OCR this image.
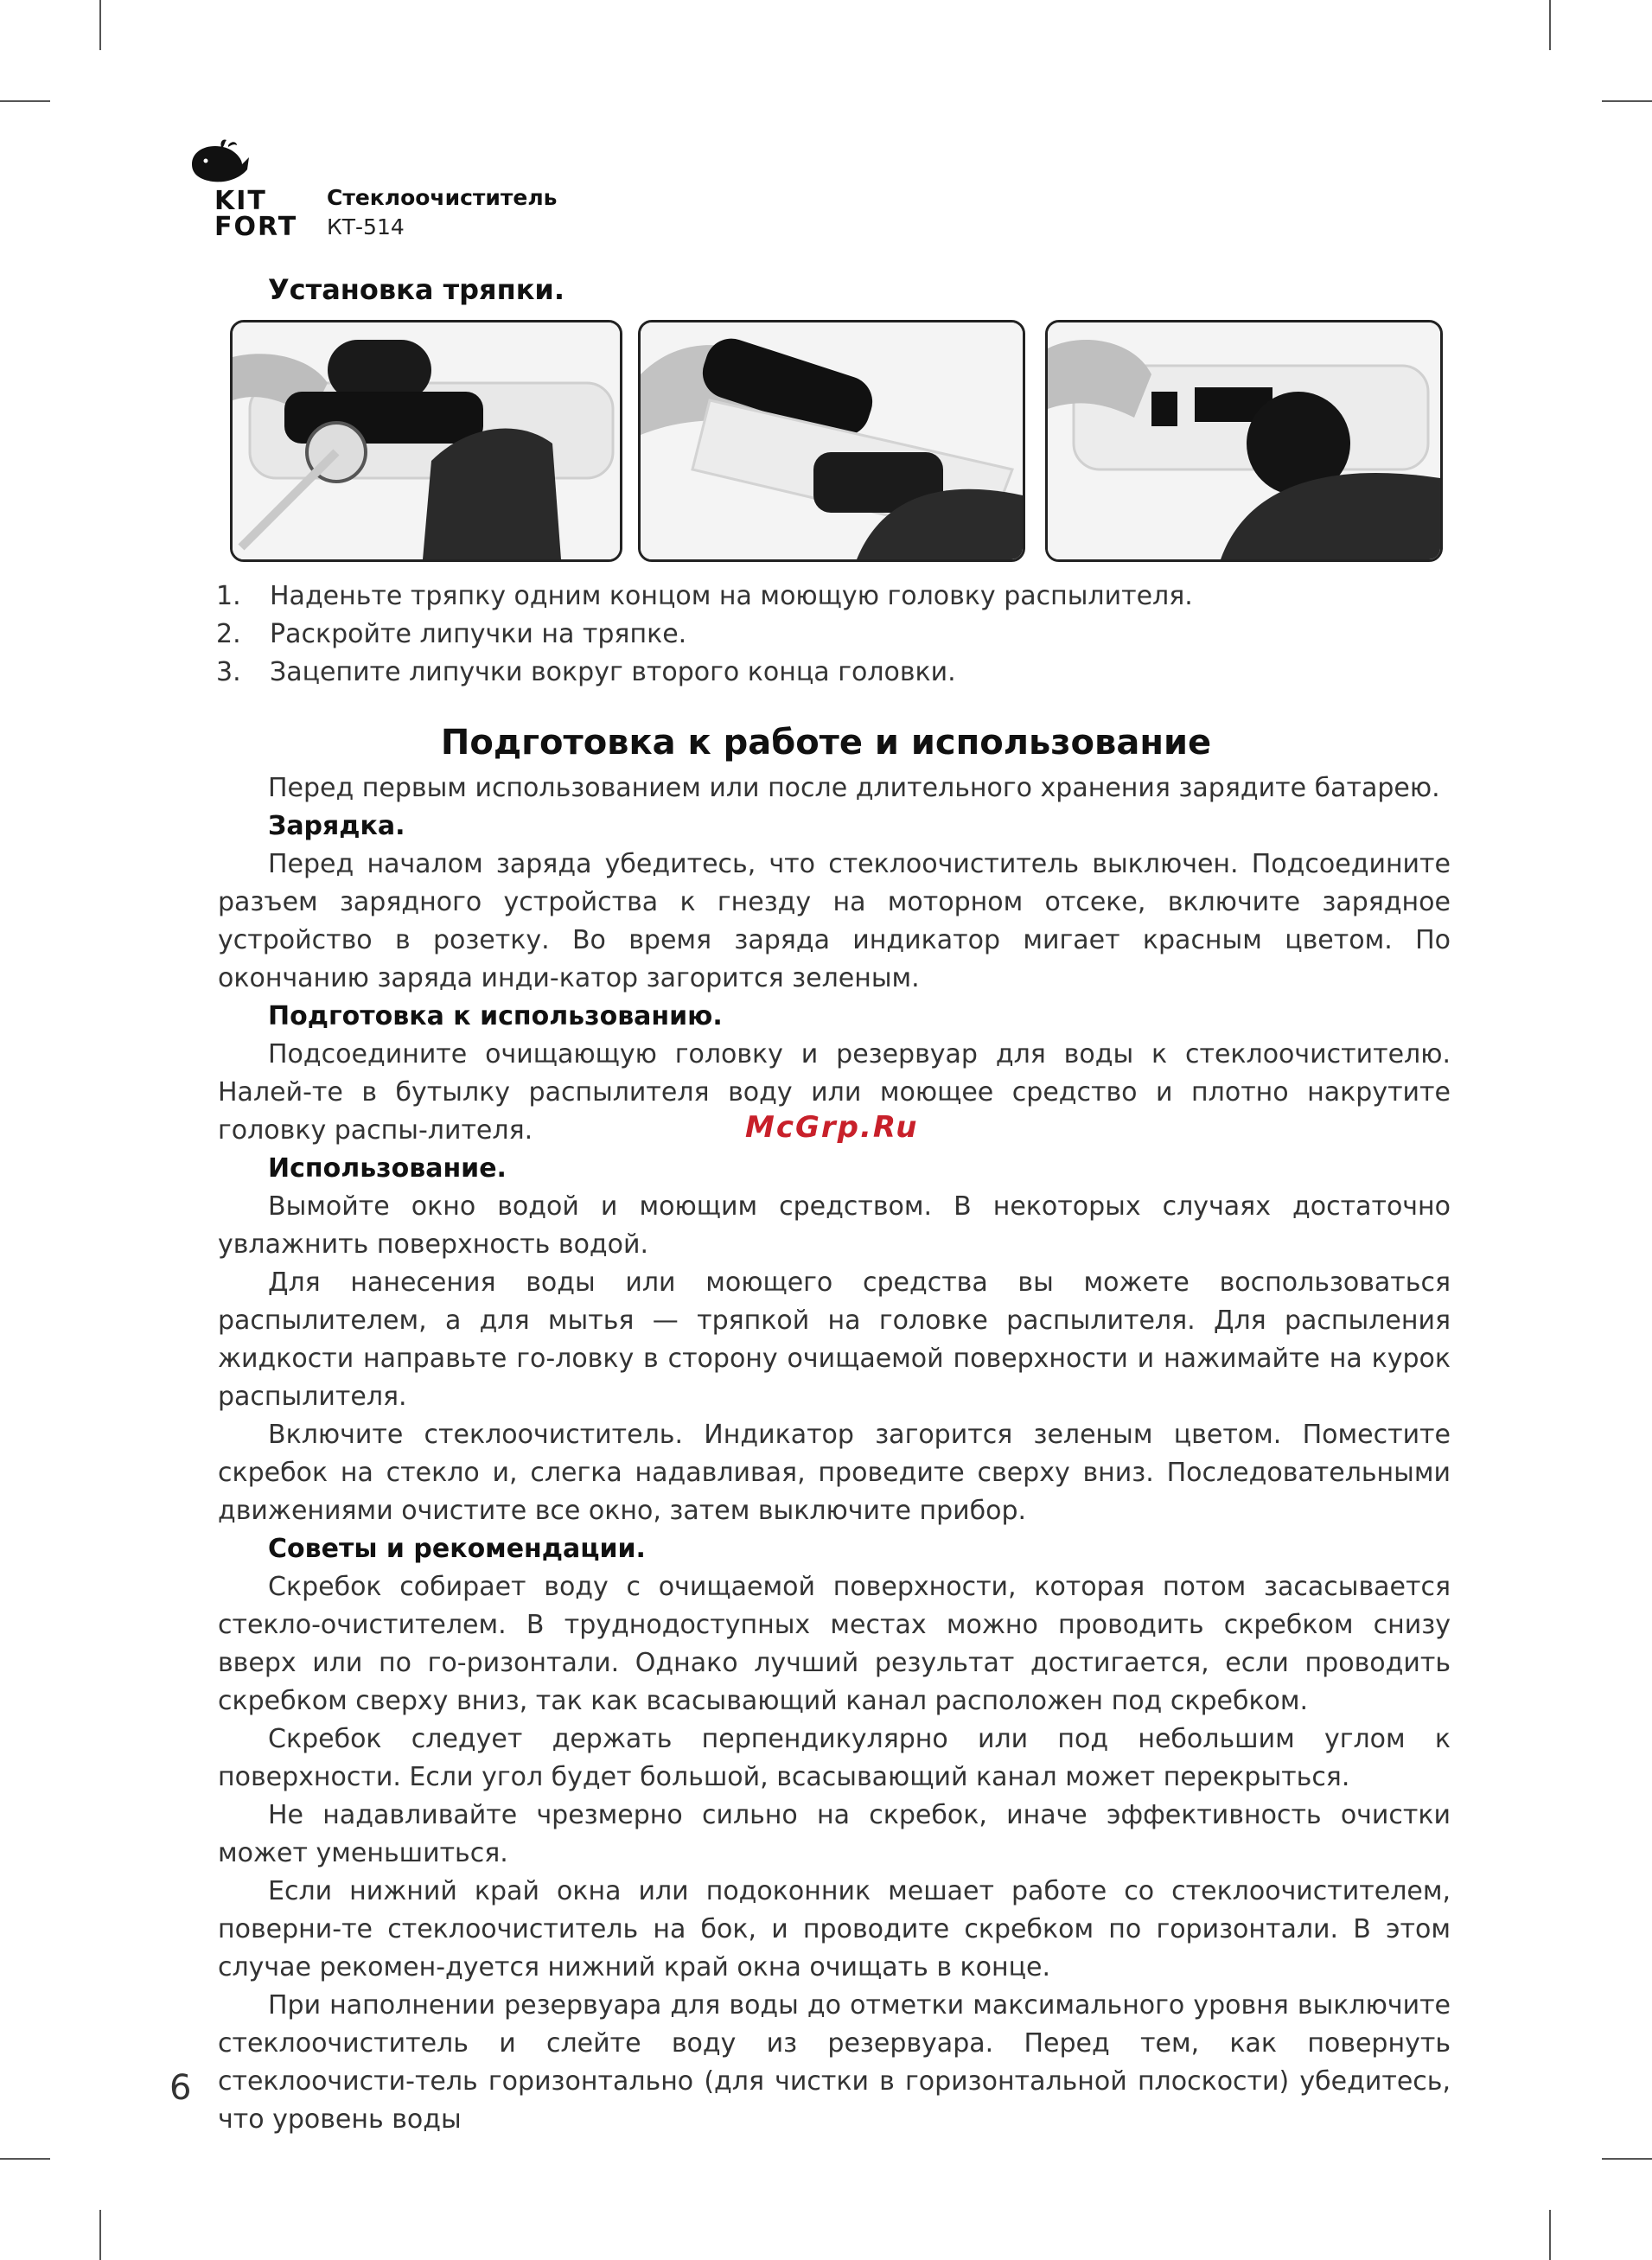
KIT
FORT
Стеклоочиститель
КТ-514
Установка тряпки.
1. Наденьте тряпку одним концом на моющую головку распылителя.
2. Раскройте липучки на тряпке.
3. Зацепите липучки вокруг второго конца головки.
Подготовка к работе и использование

Перед первым использованием или после длительного хранения зарядите батарею.

Зарядка.

Перед началом заряда убедитесь, что стеклоочиститель выключен. Подсоедините разъем зарядного устройства к гнезду на моторном отсеке, включите зарядное устройство в розетку. Во время заряда индикатор мигает красным цветом. По окончанию заряда инди-катор загорится зеленым.

Подготовка к использованию.

Подсоедините очищающую головку и резервуар для воды к стеклоочистителю. Налей-те в бутылку распылителя воду или моющее средство и плотно накрутите головку распы-лителя.

Использование.

Вымойте окно водой и моющим средством. В некоторых случаях достаточно увлажнить поверхность водой.

Для нанесения воды или моющего средства вы можете воспользоваться распылителем, а для мытья — тряпкой на головке распылителя. Для распыления жидкости направьте го-ловку в сторону очищаемой поверхности и нажимайте на курок распылителя.

Включите стеклоочиститель. Индикатор загорится зеленым цветом. Поместите скребок на стекло и, слегка надавливая, проведите сверху вниз. Последовательными движениями очистите все окно, затем выключите прибор.

Советы и рекомендации.

Скребок собирает воду с очищаемой поверхности, которая потом засасывается стекло-очистителем. В труднодоступных местах можно проводить скребком снизу вверх или по го-ризонтали. Однако лучший результат достигается, если проводить скребком сверху вниз, так как всасывающий канал расположен под скребком.

Скребок следует держать перпендикулярно или под небольшим углом к поверхности. Если угол будет большой, всасывающий канал может перекрыться.

Не надавливайте чрезмерно сильно на скребок, иначе эффективность очистки может уменьшиться.

Если нижний край окна или подоконник мешает работе со стеклоочистителем, поверни-те стеклоочиститель на бок, и проводите скребком по горизонтали. В этом случае рекомен-дуется нижний край окна очищать в конце.

При наполнении резервуара для воды до отметки максимального уровня выключите стеклоочиститель и слейте воду из резервуара. Перед тем, как повернуть стеклоочисти-тель горизонтально (для чистки в горизонтальной плоскости) убедитесь, что уровень воды

McGrp.Ru
6
